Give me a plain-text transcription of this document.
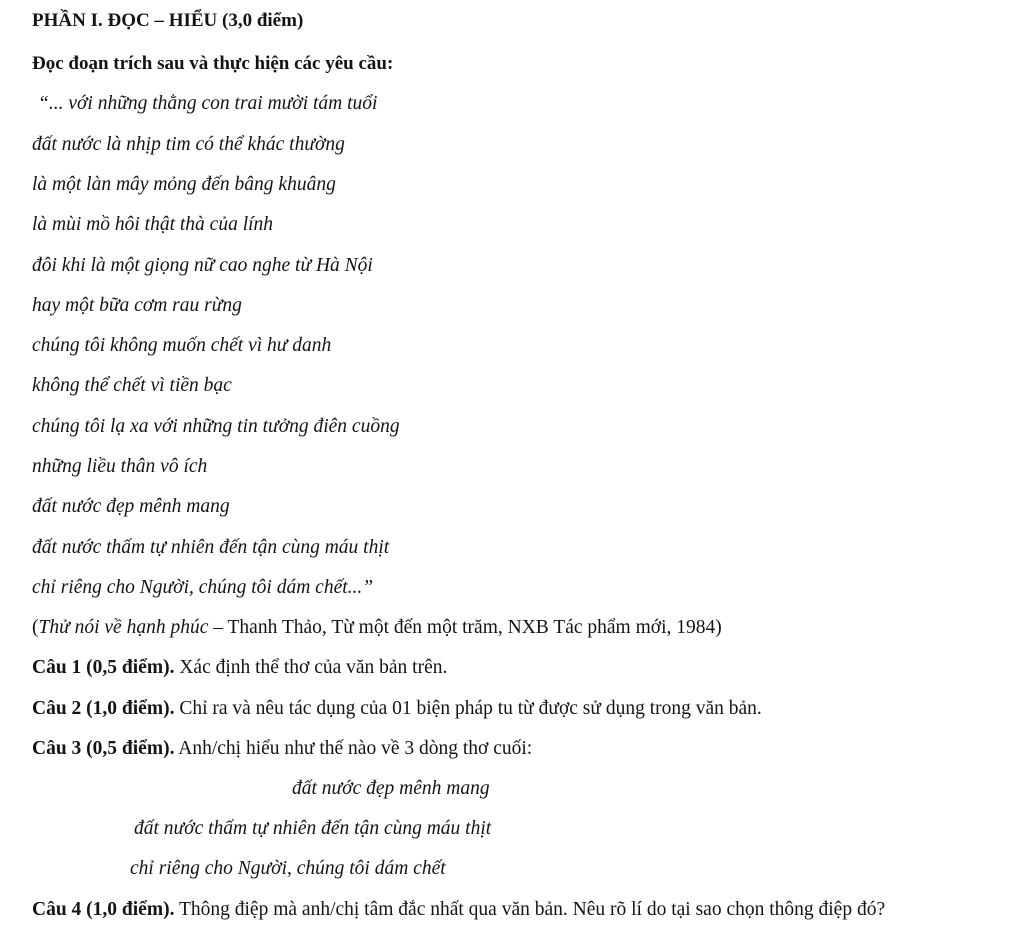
PHẦN I. ĐỌC – HIỂU (3,0 điểm)
Đọc đoạn trích sau và thực hiện các yêu cầu:
“... với những thằng con trai mười tám tuổi
đất nước là nhịp tim có thể khác thường
là một làn mây mỏng đến bâng khuâng
là mùi mồ hôi thật thà của lính
đôi khi là một giọng nữ cao nghe từ Hà Nội
hay một bữa cơm rau rừng
chúng tôi không muốn chết vì hư danh
không thể chết vì tiền bạc
chúng tôi lạ xa với những tin tưởng điên cuồng
những liều thân vô ích
đất nước đẹp mênh mang
đất nước thấm tự nhiên đến tận cùng máu thịt
chỉ riêng cho Người, chúng tôi dám chết...”
(Thử nói về hạnh phúc – Thanh Thảo, Từ một đến một trăm, NXB Tác phẩm mới, 1984)
Câu 1 (0,5 điểm). Xác định thể thơ của văn bản trên.
Câu 2 (1,0 điểm). Chỉ ra và nêu tác dụng của 01 biện pháp tu từ được sử dụng trong văn bản.
Câu 3 (0,5 điểm). Anh/chị hiểu như thế nào về 3 dòng thơ cuối:
đất nước đẹp mênh mang
đất nước thấm tự nhiên đến tận cùng máu thịt
chỉ riêng cho Người, chúng tôi dám chết
Câu 4 (1,0 điểm). Thông điệp mà anh/chị tâm đắc nhất qua văn bản. Nêu rõ lí do tại sao chọn thông điệp đó?
